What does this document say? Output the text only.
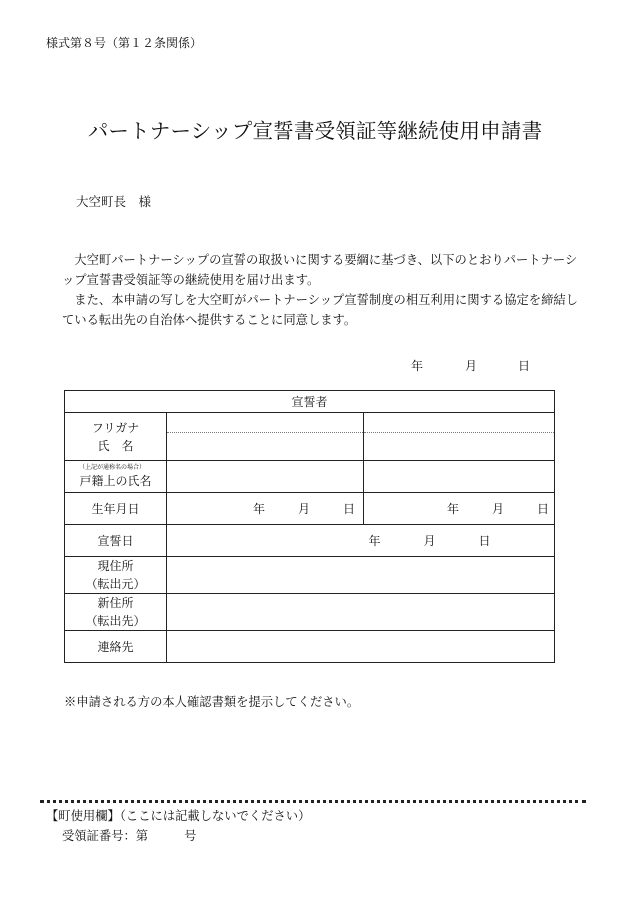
様式第８号（第１２条関係）
パートナーシップ宣誓書受領証等継続使用申請書
大空町長　様

大空町パートナーシップの宣誓の取扱いに関する要綱に基づき、以下のとおりパートナーシップ宣誓書受領証等の継続使用を届け出ます。

また、本申請の写しを大空町がパートナーシップ宣誓制度の相互利用に関する協定を締結している転出先の自治体へ提供することに同意します。

年	月	日
宣誓者		

フリガナ
氏　名		

（上記が通称名の場合）
戸籍上の氏名		

生年月日	年 月 日	年 月 日
宣誓日	年 月 日	

現住所
（転出元）		

新住所
（転出先）		

連絡先		
※申請される方の本人確認書類を提示してください。
【町使用欄】（ここには記載しないでください）
受領証番号：第	号
